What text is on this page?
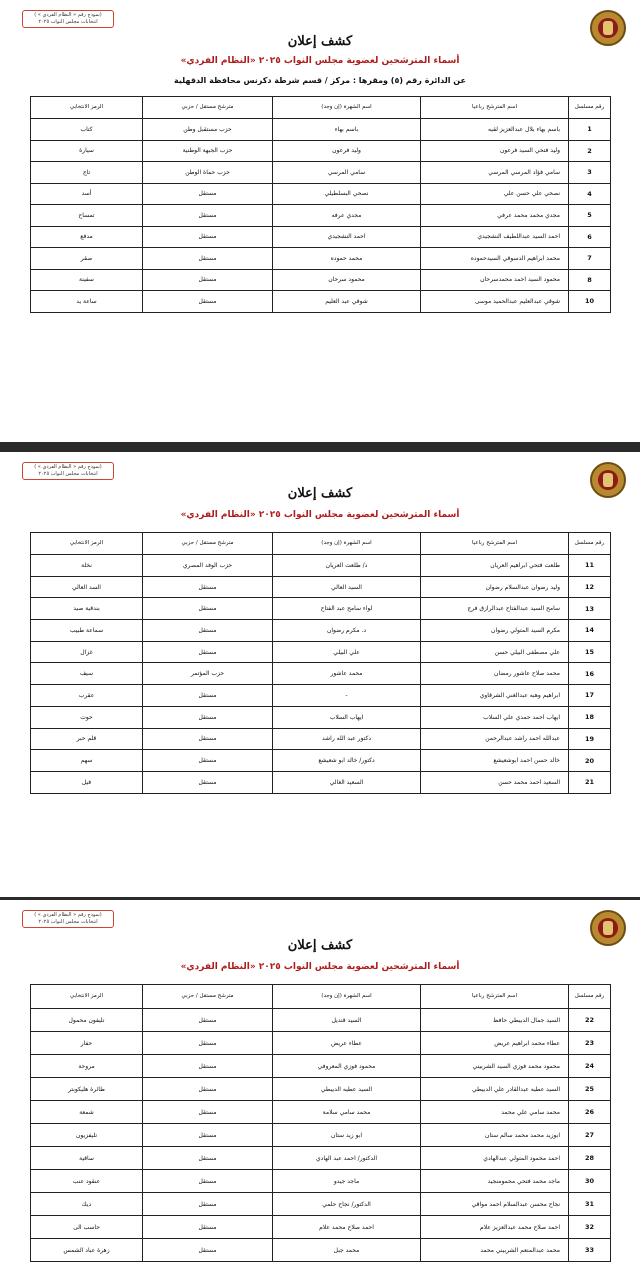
(نموذج رقم « النظام الفردي » )
انتخابات مجلس النواب ٢٠٢٥
كشف إعلان
أسماء المترشحين لعضوية مجلس النواب ٢٠٢٥ «النظام الفردي»
عن الدائرة رقم (٥) ومقرها : مركز / قسم شرطة دكرنس محافظة الدقهلية
رقم مسلسل	اسم المترشح رباعيا	اسم الشهرة (إن وجد)	مترشح مستقل / حزبي	الرمز الانتخابي
1	باسم بهاء بلال عبدالعزيز لقيه	باسم بهاء	حزب مستقبل وطن	كتاب
2	وليد فتحي السيد فرعون	وليد فرعون	حزب الجبهة الوطنية	سيارة
3	سامي فؤاد المرسي المرسي	سامي المرسي	حزب حماة الوطن	تاج
4	نصحي علي حسن علي	نصحي البسلطيلي	مستقل	أسد
5	مجدي محمد محمد عرفي	مجدي عرفه	مستقل	تمساح
6	احمد السيد عبداللطيف النشجيدي	احمد النشجيدي	مستقل	مدفع
7	محمد ابراهيم الدسوقي السيدحموده	محمد حموده	مستقل	صقر
8	محمود السيد احمد محمدسرحان	محمود سرحان	مستقل	سفينة
10	شوقي عبدالعليم عبدالحميد موسى	شوقي عبد العليم	مستقل	ساعة يد
(نموذج رقم « النظام الفردي » )
انتخابات مجلس النواب ٢٠٢٥
كشف إعلان
أسماء المترشحين لعضوية مجلس النواب ٢٠٢٥ «النظام الفردي»
رقم مسلسل	اسم المترشح رباعيا	اسم الشهرة (إن وجد)	مترشح مستقل / حزبي	الرمز الانتخابي
11	طلعت فتحي ابراهيم العريان	د/ طلعت العريان	حزب الوفد المصري	نخلة
12	وليد رضوان عبدالسلام رضوان	السيد العالي	مستقل	السد العالي
13	سامح السيد عبدالفتاح عبدالرازق فرج	لواء سامح عبد الفتاح	مستقل	بندقية صيد
14	مكرم السيد المتولي رضوان	د. مكرم رضوان	مستقل	سماعة طبيب
15	علي مصطفى البيلي حسن	علي البيلي	مستقل	غزال
16	محمد صلاح عاشور رمضان	محمد عاشور	حزب المؤتمر	سيف
17	ابراهيم وهبه عبدالغني الشرقاوي	-	مستقل	عقرب
18	ايهاب احمد حمدي علي السلاب	ايهاب السلاب	مستقل	حوت
19	عبدالله احمد راشد عبدالرحمن	دكتور عبد الله راشد	مستقل	قلم حبر
20	خالد حسن احمد ابوشعيشع	دكتور/ خالد ابو شعيشع	مستقل	سهم
21	السعيد احمد محمد حسن	السعيد الغالي	مستقل	فيل
(نموذج رقم « النظام الفردي » )
انتخابات مجلس النواب ٢٠٢٥
كشف إعلان
أسماء المترشحين لعضوية مجلس النواب ٢٠٢٥ «النظام الفردي»
رقم مسلسل	اسم المترشح رباعيا	اسم الشهرة (إن وجد)	مترشح مستقل / حزبي	الرمز الانتخابي
22	السيد جمال الدبيطي حافظ	السيد قنديل	مستقل	تليفون محمول
23	عطاء محمد ابراهيم عريض	عطاء عريض	مستقل	حفار
24	محمود محمد فوزي السيد الشربيني	محمود فوزي المعروفي	مستقل	مروحة
25	السيد عطيه عبدالقادر علي الدبيطي	السيد عطيه الدبيطي	مستقل	طائرة هليكوبتر
26	محمد سامي علي محمد	محمد سامي سلامة	مستقل	شمعة
27	ابوزيد محمد محمد سالم ستان	ابو زيد ستان	مستقل	تليفزيون
28	احمد محمود المتولي عبدالهادي	الدكتور/ احمد عبد الهادي	مستقل	ساقية
30	ماجد محمد فتحي محمومنجيد	ماجد جيدو	مستقل	عنقود عنب
31	نجاح محسن عبدالسلام احمد مواقي	الدكتور/ نجاح حلمي	مستقل	ديك
32	احمد صلاح محمد عبدالعزيز علام	احمد صلاح محمد علام	مستقل	حاسب الى
33	محمد عبدالمنعم الشربيني محمد	محمد جبل	مستقل	زهرة عباد الشمس
